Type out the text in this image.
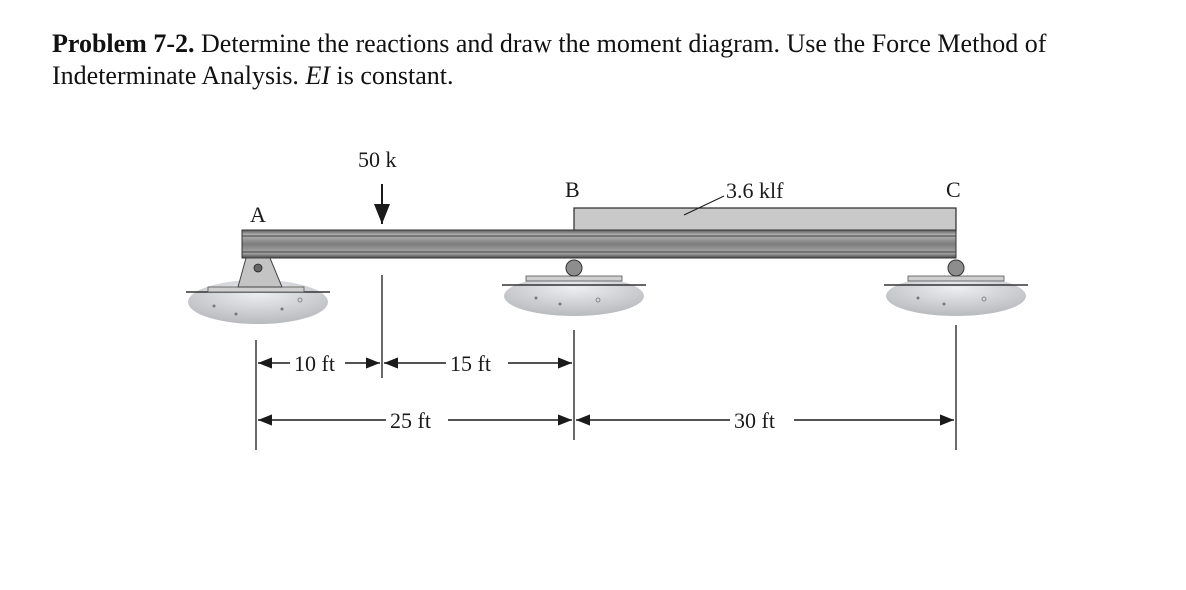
Problem 7-2. Determine the reactions and draw the moment diagram. Use the Force Method of
Indeterminate Analysis. EI is constant.
3.6 klf
50 k
A
B	C
10 ft	15 ft
25 ft	30 ft
